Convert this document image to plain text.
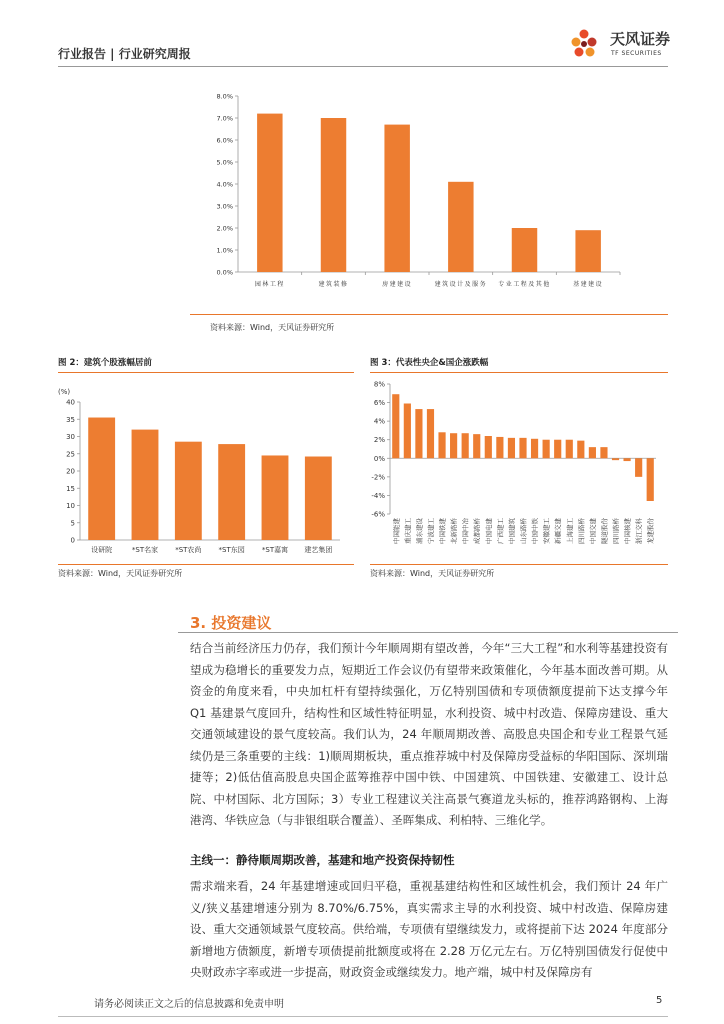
行业报告 | 行业研究周报
天风证券
TF SECURITIES
0.0%
1.0%
2.0%
3.0%
4.0%
5.0%
6.0%
7.0%
8.0%
园林工程	建筑装修	房建建设	建筑设计及服务 专业工程及其他	基建建设
资料来源：Wind，天风证券研究所
图 2：建筑个股涨幅居前
0
5
10
15
20
25
30
35
40
设研院	*ST名家 *ST农尚 *ST东园 *ST嘉寓 建艺集团
(%)
资料来源：Wind，天风证券研究所
图 3：代表性央企&国企涨跌幅
-6%
-4%
-2%
0%
2%
4%
6%
8%
中国能建 重庆建工 浦东建设 宁波建工 中国铁建 北新路桥 中国中冶 成都路桥 中国电建 广西建工 中国建筑 山东路桥 中国中铁 安徽建工 新疆交建 上海建工 四川路桥 中国交建 隧道股份 四川路桥 中国核建 浙江交科 龙建股份
资料来源：Wind，天风证券研究所
3. 投资建议
结合当前经济压力仍存，我们预计今年顺周期有望改善，今年“三大工程”和水利等基建投资有望成为稳增长的重要发力点，短期近工作会议仍有望带来政策催化，今年基本面改善可期。从资金的角度来看，中央加杠杆有望持续强化，万亿特别国债和专项债额度提前下达支撑今年 Q1 基建景气度回升，结构性和区域性特征明显，水利投资、城中村改造、保障房建设、重大交通领域建设的景气度较高。我们认为，24 年顺周期改善、高股息央国企和专业工程景气延续仍是三条重要的主线：1)顺周期板块，重点推荐城中村及保障房受益标的华阳国际、深圳瑞捷等；2)低估值高股息央国企蓝筹推荐中国中铁、中国建筑、中国铁建、安徽建工、设计总院、中材国际、北方国际；3）专业工程建议关注高景气赛道龙头标的，推荐鸿路钢构、上海港湾、华铁应急（与非银组联合覆盖）、圣晖集成、利柏特、三维化学。
主线一：静待顺周期改善，基建和地产投资保持韧性
需求端来看，24 年基建增速或回归平稳，重视基建结构性和区域性机会，我们预计 24 年广义/狭义基建增速分别为 8.70%/6.75%，真实需求主导的水利投资、城中村改造、保障房建设、重大交通领域景气度较高。供给端，专项债有望继续发力，或将提前下达 2024 年度部分新增地方债额度，新增专项债提前批额度或将在 2.28 万亿元左右。万亿特别国债发行促使中央财政赤字率或进一步提高，财政资金或继续发力。地产端，城中村及保障房有
请务必阅读正文之后的信息披露和免责申明	5
